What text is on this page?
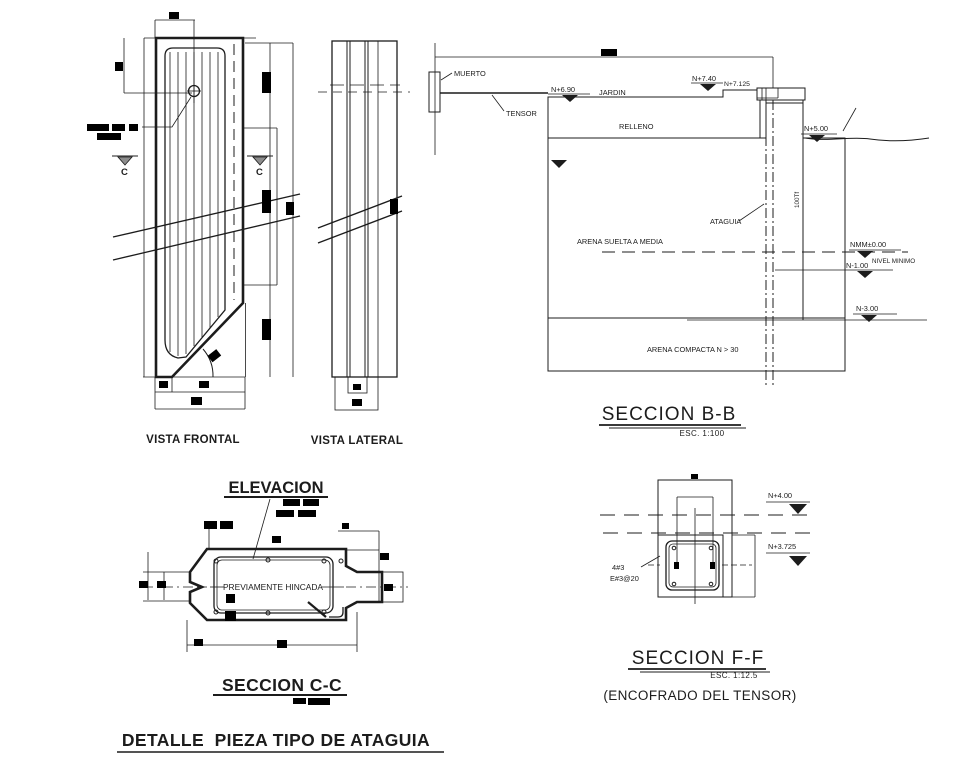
C	C
VISTA FRONTAL	VISTA LATERAL
MUERTO
TENSOR
JARDIN
RELLENO
ATAGUIA
ARENA SUELTA A MEDIA
ARENA COMPACTA N > 30
NIVEL MINIMO
100Tf
N+6.90
N+7.40
N+7.125
N+5.00
NMM±0.00
N-1.00
N-3.00
SECCION B-B
ESC. 1:100
ELEVACION
PREVIAMENTE HINCADA
SECCION C-C
4#3
E#3@20
N+4.00
N+3.725
SECCION F-F
ESC. 1:12.5
(ENCOFRADO DEL TENSOR)
DETALLE  PIEZA TIPO DE ATAGUIA
